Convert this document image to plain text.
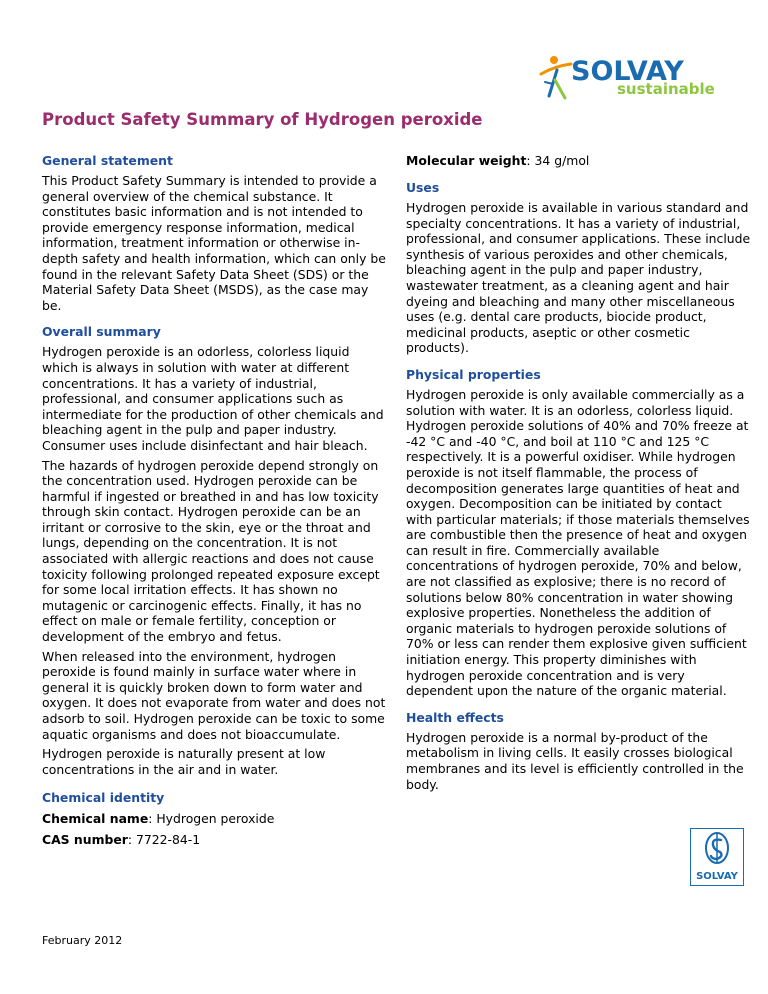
SOLVAY
sustainable
Product Safety Summary of Hydrogen peroxide
General statement

This Product Safety Summary is intended to provide a general overview of the chemical substance. It constitutes basic information and is not intended to provide emergency response information, medical information, treatment information or otherwise in-depth safety and health information, which can only be found in the relevant Safety Data Sheet (SDS) or the Material Safety Data Sheet (MSDS), as the case may be.

Overall summary

Hydrogen peroxide is an odorless, colorless liquid which is always in solution with water at different concentrations. It has a variety of industrial, professional, and consumer applications such as intermediate for the production of other chemicals and bleaching agent in the pulp and paper industry. Consumer uses include disinfectant and hair bleach.

The hazards of hydrogen peroxide depend strongly on the concentration used. Hydrogen peroxide can be harmful if ingested or breathed in and has low toxicity through skin contact. Hydrogen peroxide can be an irritant or corrosive to the skin, eye or the throat and lungs, depending on the concentration. It is not associated with allergic reactions and does not cause toxicity following prolonged repeated exposure except for some local irritation effects. It has shown no mutagenic or carcinogenic effects. Finally, it has no effect on male or female fertility, conception or development of the embryo and fetus.

When released into the environment, hydrogen peroxide is found mainly in surface water where in general it is quickly broken down to form water and oxygen. It does not evaporate from water and does not adsorb to soil. Hydrogen peroxide can be toxic to some aquatic organisms and does not bioaccumulate.

Hydrogen peroxide is naturally present at low concentrations in the air and in water.

Chemical identity

Chemical name: Hydrogen peroxide

CAS number: 7722-84-1

Molecular weight: 34 g/mol

Uses

Hydrogen peroxide is available in various standard and specialty concentrations. It has a variety of industrial, professional, and consumer applications. These include synthesis of various peroxides and other chemicals, bleaching agent in the pulp and paper industry, wastewater treatment, as a cleaning agent and hair dyeing and bleaching and many other miscellaneous uses (e.g. dental care products, biocide product, medicinal products, aseptic or other cosmetic products).

Physical properties

Hydrogen peroxide is only available commercially as a solution with water. It is an odorless, colorless liquid. Hydrogen peroxide solutions of 40% and 70% freeze at -42 °C and -40 °C, and boil at 110 °C and 125 °C respectively. It is a powerful oxidiser. While hydrogen peroxide is not itself flammable, the process of decomposition generates large quantities of heat and oxygen. Decomposition can be initiated by contact with particular materials; if those materials themselves are combustible then the presence of heat and oxygen can result in fire. Commercially available concentrations of hydrogen peroxide, 70% and below, are not classified as explosive; there is no record of solutions below 80% concentration in water showing explosive properties. Nonetheless the addition of organic materials to hydrogen peroxide solutions of 70% or less can render them explosive given sufficient initiation energy. This property diminishes with hydrogen peroxide concentration and is very dependent upon the nature of the organic material.

Health effects

Hydrogen peroxide is a normal by-product of the metabolism in living cells. It easily crosses biological membranes and its level is efficiently controlled in the body.

SOLVAY
February 2012
